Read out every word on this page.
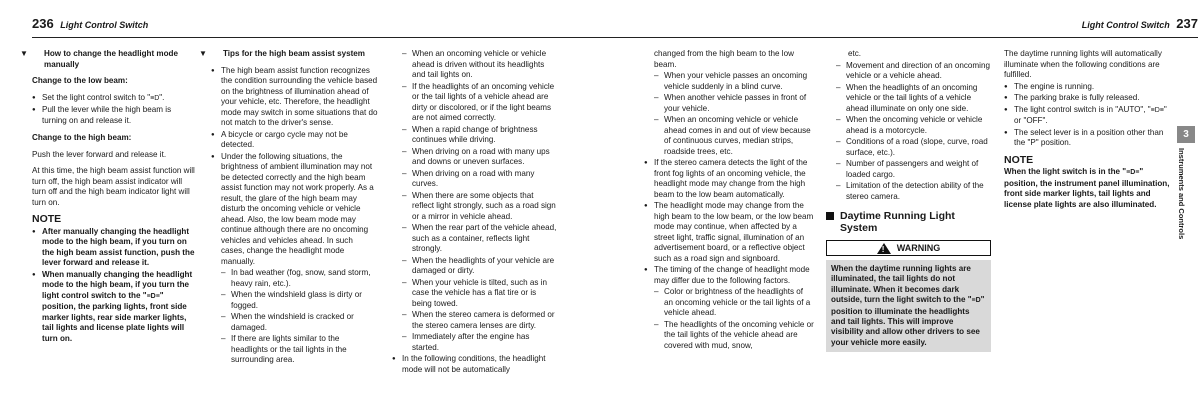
236 Light Control Switch

▼ How to change the headlight mode manually

Change to the low beam:

● Set the light control switch to "≡D".
● Pull the lever while the high beam is turning on and release it.

Change to the high beam:

Push the lever forward and release it.

At this time, the high beam assist function will turn off, the high beam assist indicator will turn off and the high beam indicator light will turn on.

NOTE
● After manually changing the headlight mode to the high beam, if you turn on the high beam assist function, push the lever forward and release it.
● When manually changing the headlight mode to the high beam, if you turn the light control switch to the "≡D≡" position, the parking lights, front side marker lights, rear side marker lights, tail lights and license plate lights will turn on.

▼ Tips for the high beam assist system

● The high beam assist function recognizes the condition surrounding the vehicle based on the brightness of illumination ahead of your vehicle, etc. Therefore, the headlight mode may switch in some situations that do not match to the driver's sense.
● A bicycle or cargo cycle may not be detected.
● Under the following situations, the brightness of ambient illumination may not be detected correctly and the high beam assist function may not work properly. As a result, the glare of the high beam may disturb the oncoming vehicle or vehicle ahead. Also, the low beam mode may continue although there are no oncoming vehicles and vehicles ahead. In such cases, change the headlight mode manually.
– In bad weather (fog, snow, sand storm, heavy rain, etc.).
– When the windshield glass is dirty or fogged.
– When the windshield is cracked or damaged.
– If there are lights similar to the headlights or the tail lights in the surrounding area.
– When an oncoming vehicle or vehicle ahead is driven without its headlights and tail lights on.
– If the headlights of an oncoming vehicle or the tail lights of a vehicle ahead are dirty or discolored, or if the light beams are not aimed correctly.
– When a rapid change of brightness continues while driving.
– When driving on a road with many ups and downs or uneven surfaces.
– When driving on a road with many curves.
– When there are some objects that reflect light strongly, such as a road sign or a mirror in vehicle ahead.
– When the rear part of the vehicle ahead, such as a container, reflects light strongly.
– When the headlights of your vehicle are damaged or dirty.
– When your vehicle is tilted, such as in case the vehicle has a flat tire or is being towed.
– When the stereo camera is deformed or the stereo camera lenses are dirty.
– Immediately after the engine has started.
● In the following conditions, the headlight mode will not be automatically
Light Control Switch 237

changed from the high beam to the low beam.

– When your vehicle passes an oncoming vehicle suddenly in a blind curve.
– When another vehicle passes in front of your vehicle.
– When an oncoming vehicle or vehicle ahead comes in and out of view because of continuous curves, median strips, roadside trees, etc.
● If the stereo camera detects the light of the front fog lights of an oncoming vehicle, the headlight mode may change from the high beam to the low beam automatically.
● The headlight mode may change from the high beam to the low beam, or the low beam mode may continue, when affected by a street light, traffic signal, illumination of an advertisement board, or a reflective object such as a road sign and signboard.
● The timing of the change of headlight mode may differ due to the following factors.
– Color or brightness of the headlights of an oncoming vehicle or the tail lights of a vehicle ahead.
– The headlights of the oncoming vehicle or the tail lights of the vehicle ahead are covered with mud, snow,

etc.

– Movement and direction of an oncoming vehicle or a vehicle ahead.
– When the headlights of an oncoming vehicle or the tail lights of a vehicle ahead illuminate on only one side.
– When the oncoming vehicle or vehicle ahead is a motorcycle.
– Conditions of a road (slope, curve, road surface, etc.).
– Number of passengers and weight of loaded cargo.
– Limitation of the detection ability of the stereo camera.
Daytime Running Light System
! WARNING
When the daytime running lights are illuminated, the tail lights do not illuminate. When it becomes dark outside, turn the light switch to the "≡D" position to illuminate the headlights and tail lights. This will improve visibility and allow other drivers to see your vehicle more easily.

The daytime running lights will automatically illuminate when the following conditions are fulfilled.

● The engine is running.
● The parking brake is fully released.
● The light control switch is in "AUTO", "≡D≡" or "OFF".
● The select lever is in a position other than the "P" position.
NOTE

When the light switch is in the "≡D≡" position, the instrument panel illumination, front side marker lights, tail lights and license plate lights are also illuminated.

3
Instruments and Controls
